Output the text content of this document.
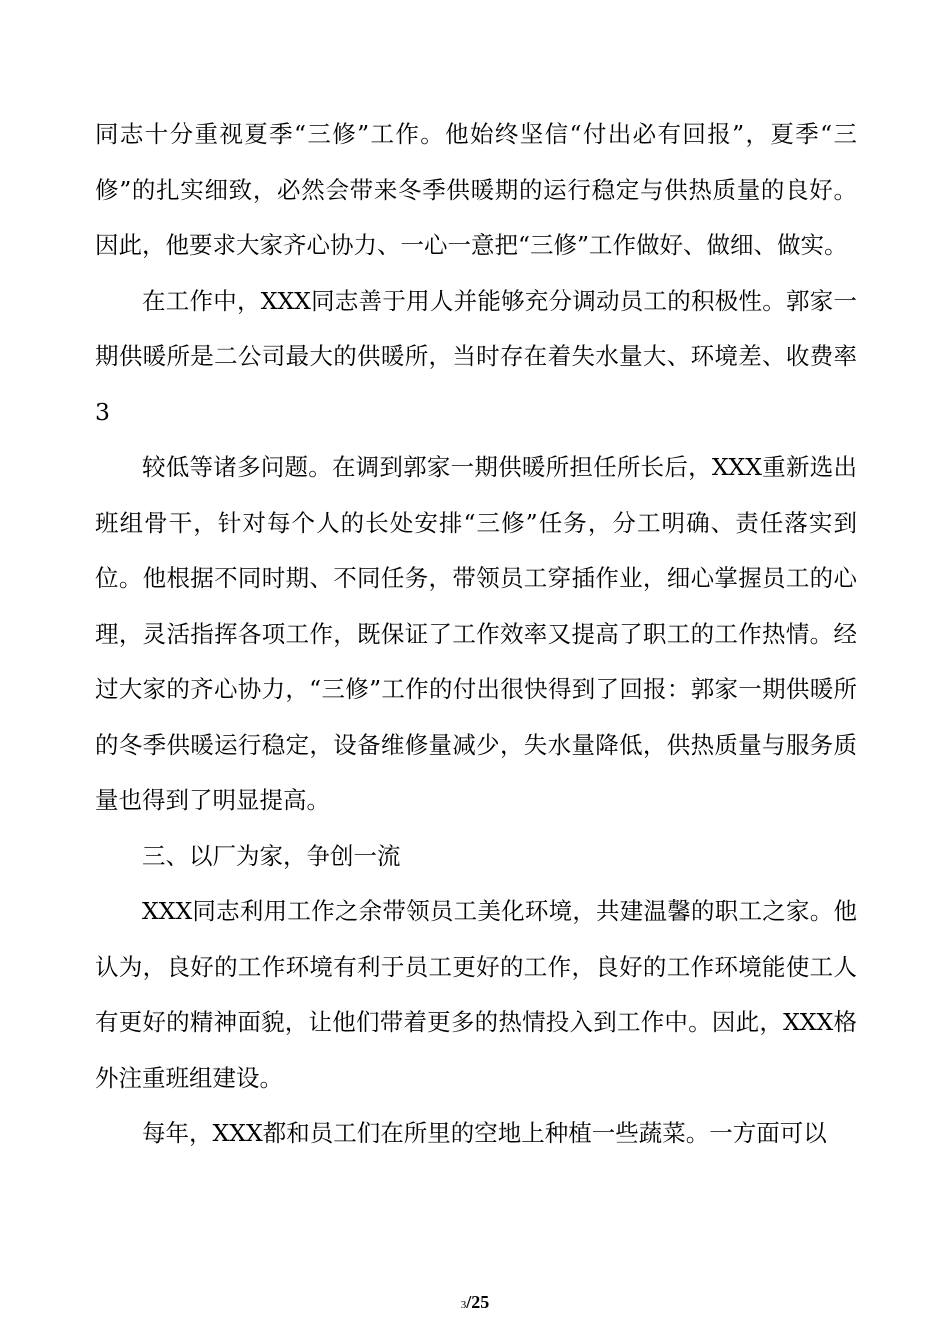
同志十分重视夏季“三修”工作。他始终坚信“付出必有回报”，夏季“三修”的扎实细致，必然会带来冬季供暖期的运行稳定与供热质量的良好。因此，他要求大家齐心协力、一心一意把“三修”工作做好、做细、做实。

在工作中，XXX同志善于用人并能够充分调动员工的积极性。郭家一期供暖所是二公司最大的供暖所，当时存在着失水量大、环境差、收费率3

较低等诸多问题。在调到郭家一期供暖所担任所长后，XXX重新选出班组骨干，针对每个人的长处安排“三修”任务，分工明确、责任落实到位。他根据不同时期、不同任务，带领员工穿插作业，细心掌握员工的心理，灵活指挥各项工作，既保证了工作效率又提高了职工的工作热情。经过大家的齐心协力，“三修”工作的付出很快得到了回报：郭家一期供暖所的冬季供暖运行稳定，设备维修量减少，失水量降低，供热质量与服务质量也得到了明显提高。

三、以厂为家，争创一流

XXX同志利用工作之余带领员工美化环境，共建温馨的职工之家。他认为，良好的工作环境有利于员工更好的工作，良好的工作环境能使工人有更好的精神面貌，让他们带着更多的热情投入到工作中。因此，XXX格外注重班组建设。

每年，XXX都和员工们在所里的空地上种植一些蔬菜。一方面可以

3/25
